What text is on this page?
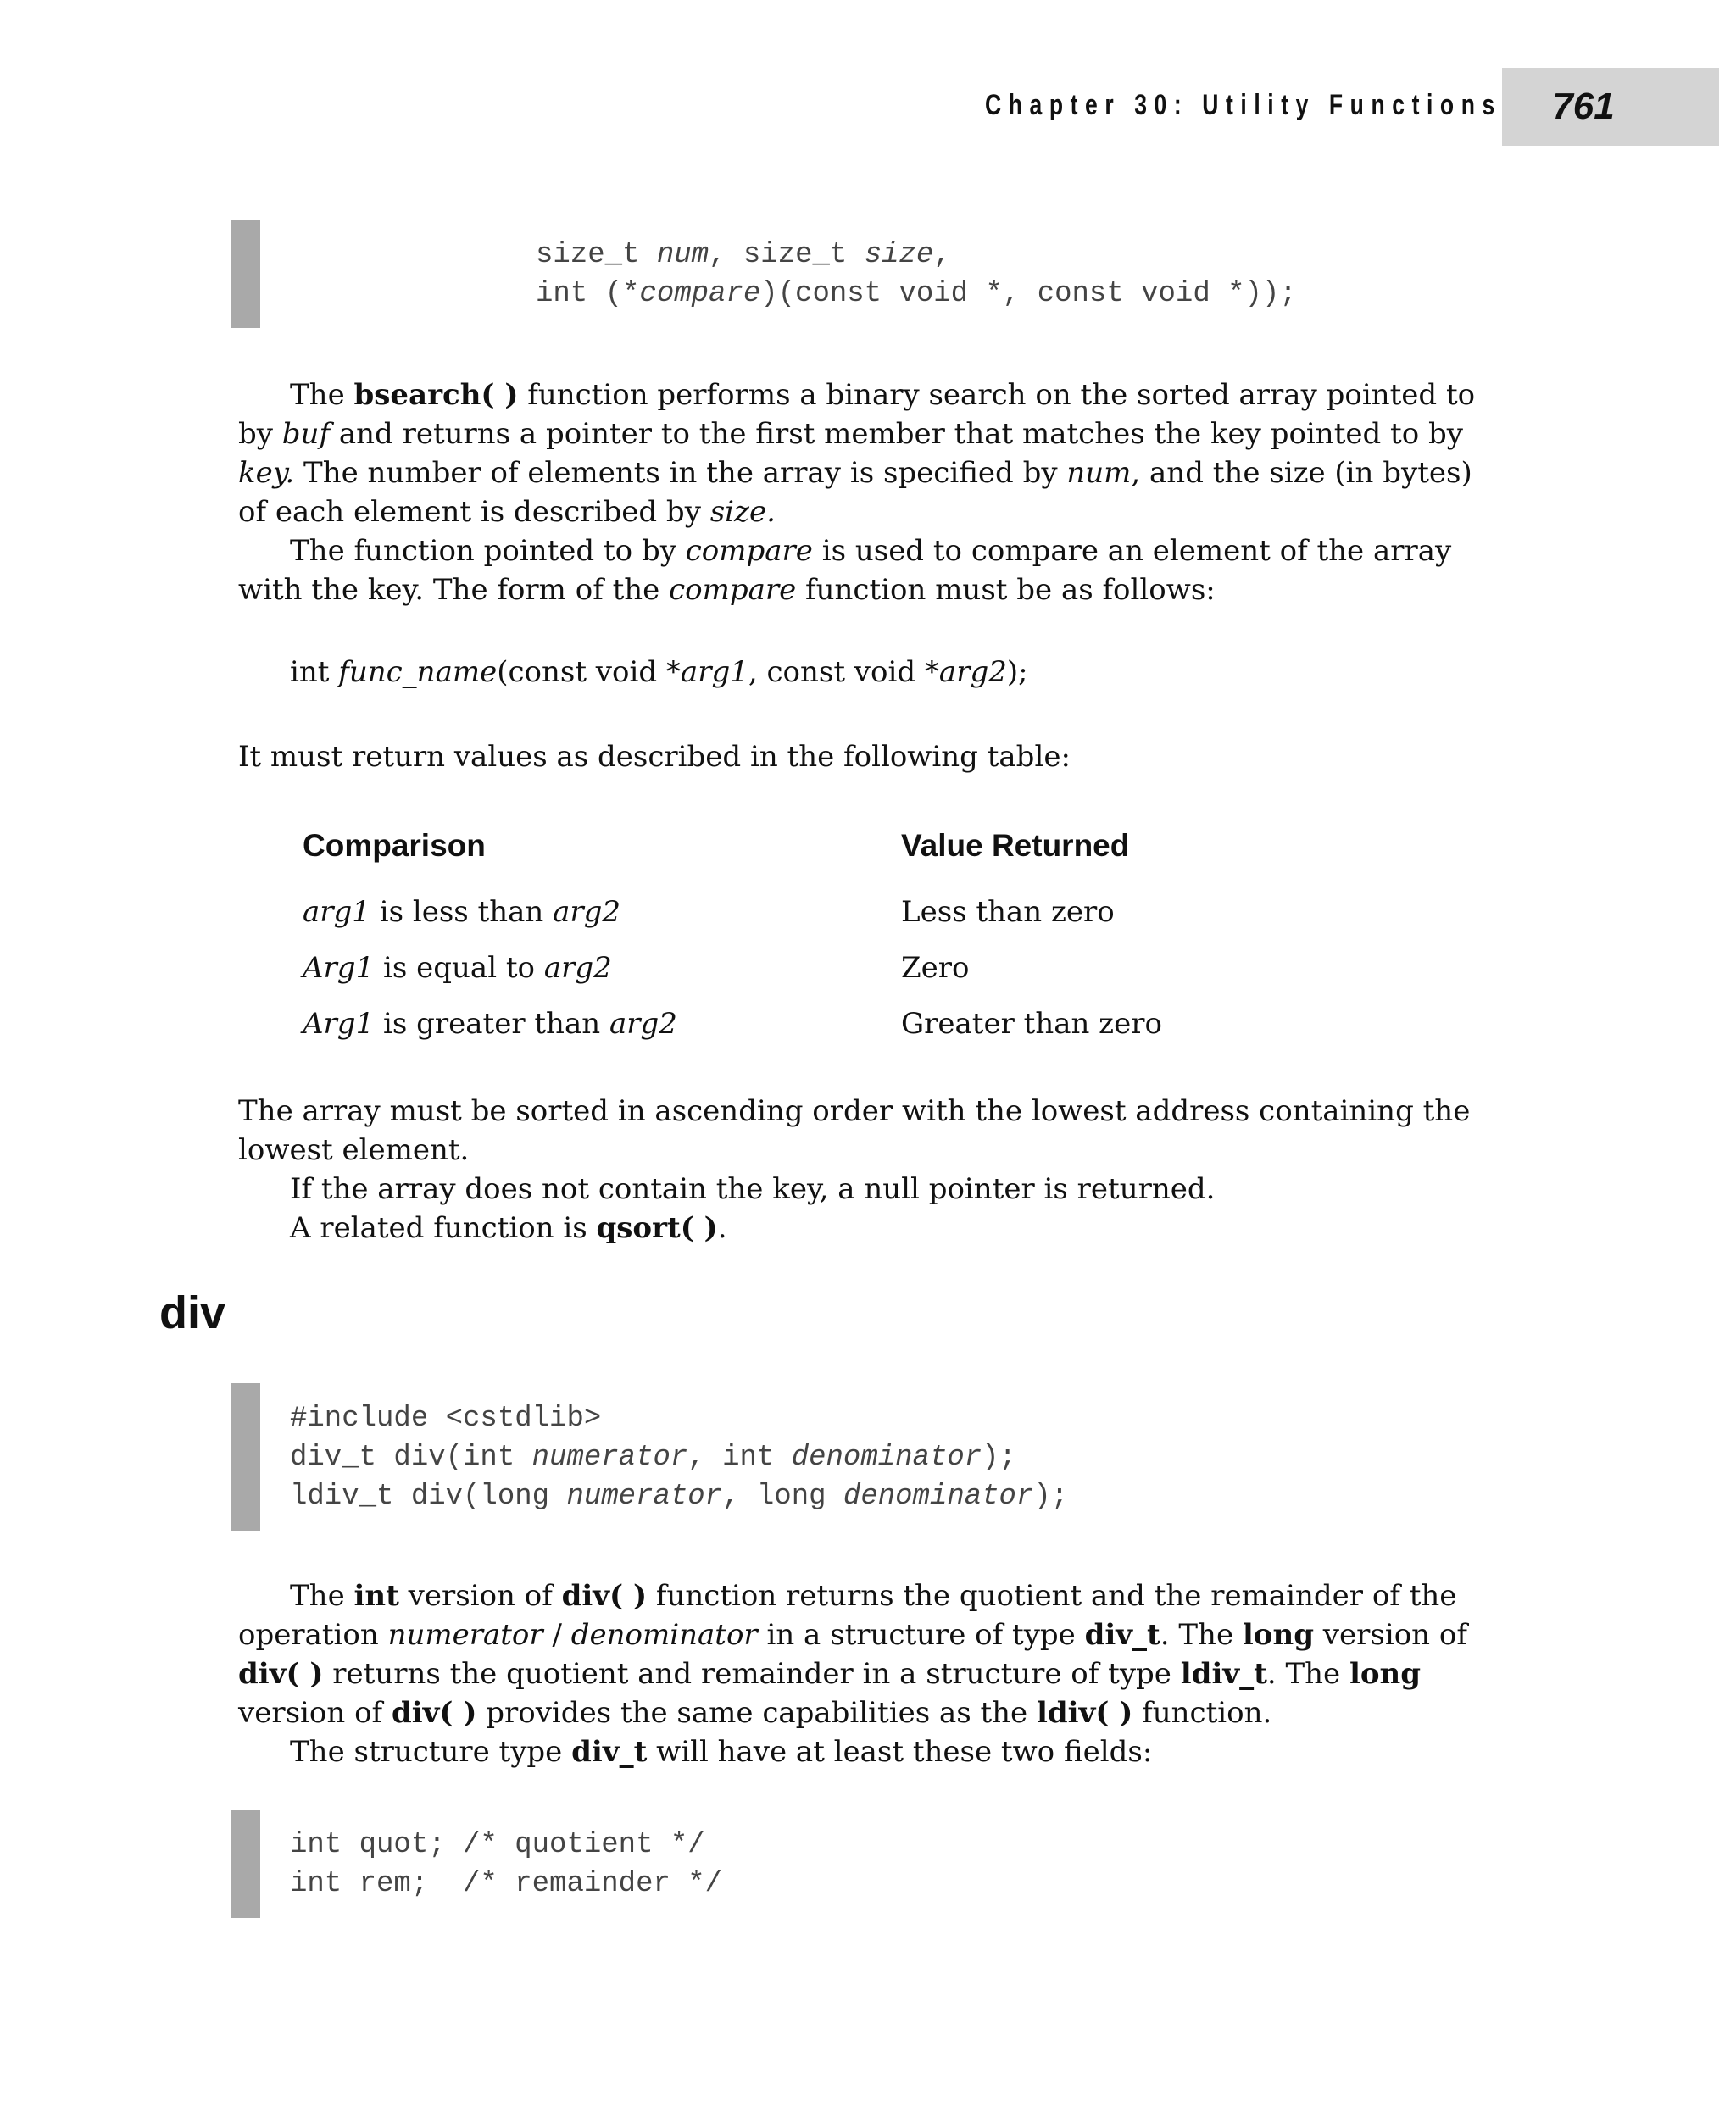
Chapter 30: Utility Functions	761
size_t num, size_t size,
int (*compare)(const void *, const void *));

The bsearch( ) function performs a binary search on the sorted array pointed to by buf and returns a pointer to the first member that matches the key pointed to by key. The number of elements in the array is specified by num, and the size (in bytes) of each element is described by size.

The function pointed to by compare is used to compare an element of the array with the key. The form of the compare function must be as follows:

int func_name(const void *arg1, const void *arg2);

It must return values as described in the following table:

Comparison	Value Returned
arg1 is less than arg2	Less than zero
Arg1 is equal to arg2	Zero
Arg1 is greater than arg2	Greater than zero

The array must be sorted in ascending order with the lowest address containing the lowest element.

If the array does not contain the key, a null pointer is returned.

A related function is qsort( ).

div
#include <cstdlib>
div_t div(int numerator, int denominator);
ldiv_t div(long numerator, long denominator);

The int version of div( ) function returns the quotient and the remainder of the operation numerator / denominator in a structure of type div_t. The long version of div( ) returns the quotient and remainder in a structure of type ldiv_t. The long version of div( ) provides the same capabilities as the ldiv( ) function.

The structure type div_t will have at least these two fields:

int quot; /* quotient */
int rem;  /* remainder */
